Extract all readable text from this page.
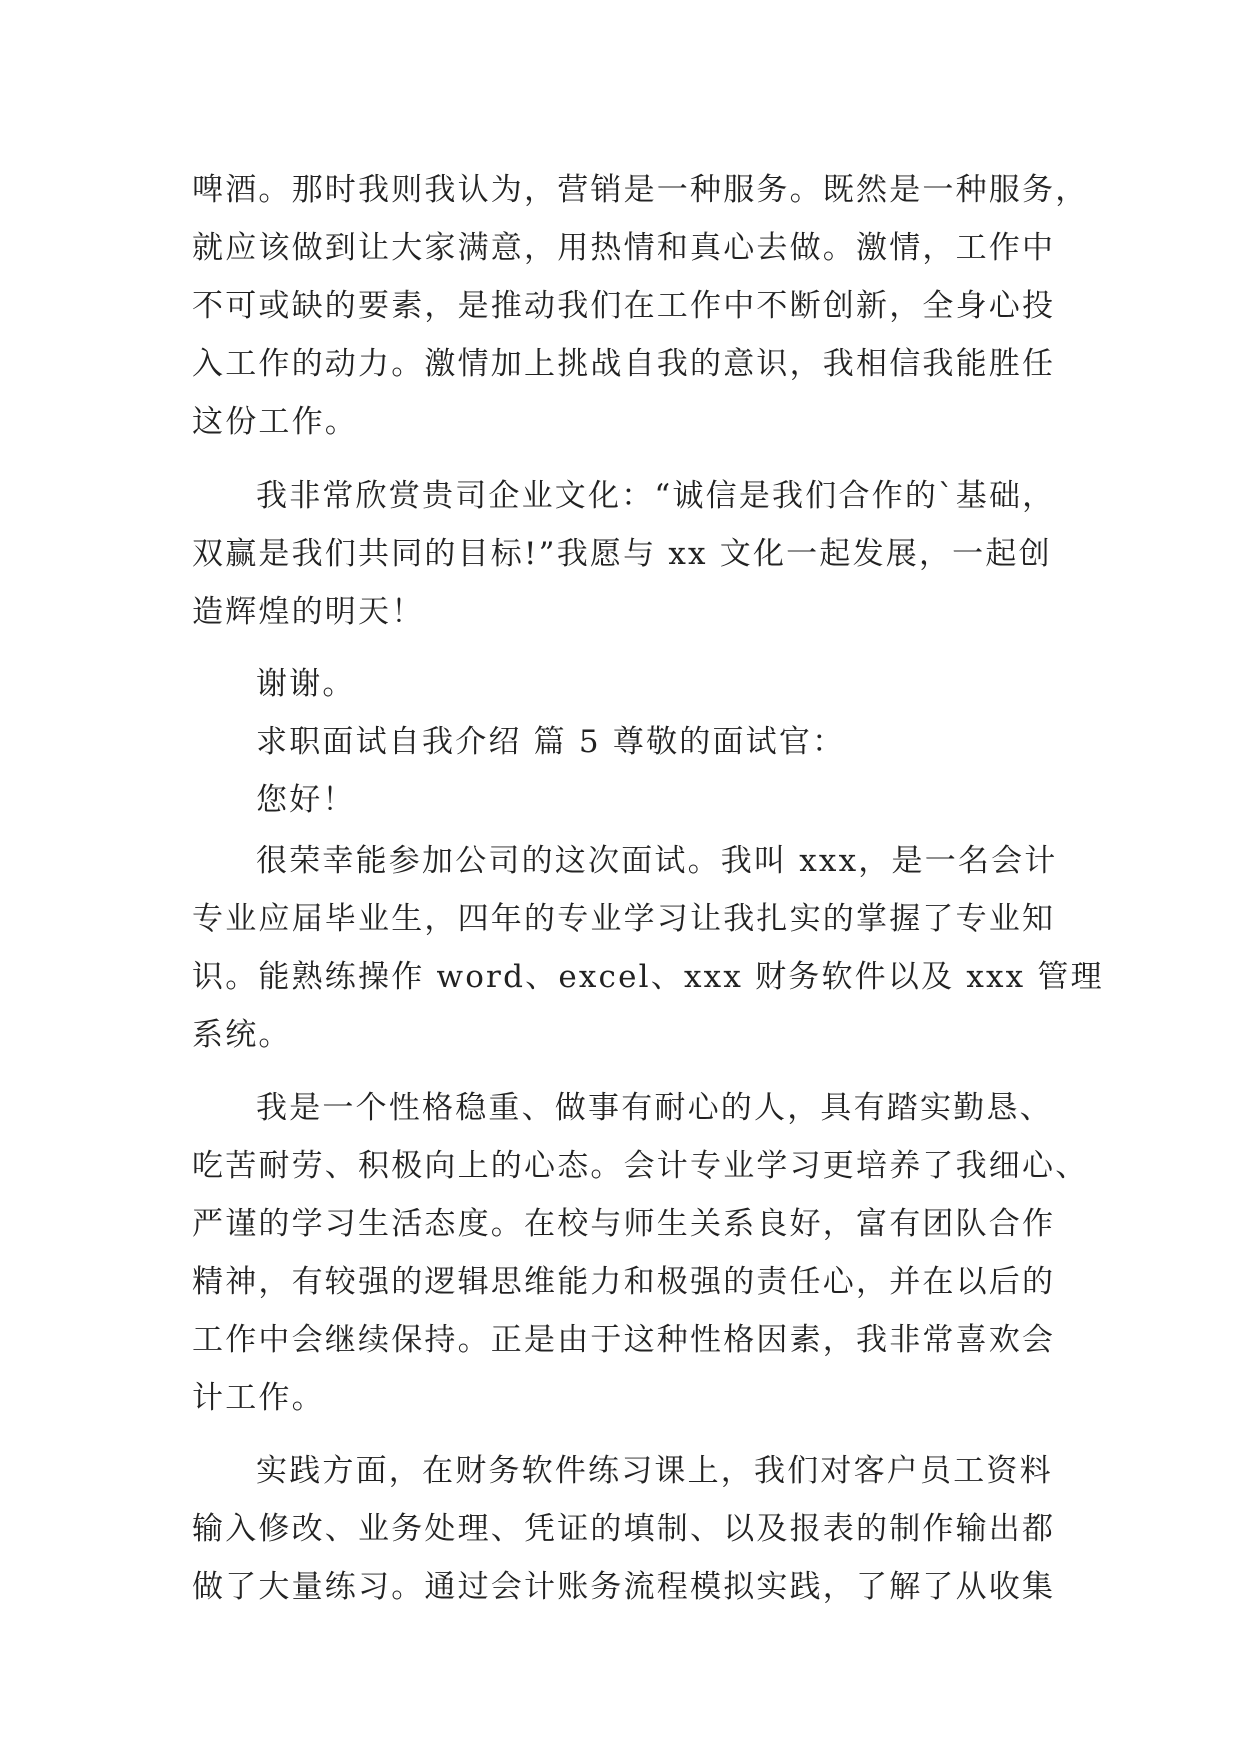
啤酒。那时我则我认为，营销是一种服务。既然是一种服务，
就应该做到让大家满意，用热情和真心去做。激情，工作中
不可或缺的要素，是推动我们在工作中不断创新，全身心投
入工作的动力。激情加上挑战自我的意识，我相信我能胜任
这份工作。
我非常欣赏贵司企业文化：“诚信是我们合作的`基础，
双赢是我们共同的目标!”我愿与 xx 文化一起发展，一起创
造辉煌的明天！
谢谢。
求职面试自我介绍 篇 5 尊敬的面试官：
您好！
很荣幸能参加公司的这次面试。我叫 xxx，是一名会计
专业应届毕业生，四年的专业学习让我扎实的掌握了专业知
识。能熟练操作 word、excel、xxx 财务软件以及 xxx 管理
系统。
我是一个性格稳重、做事有耐心的人，具有踏实勤恳、
吃苦耐劳、积极向上的心态。会计专业学习更培养了我细心、
严谨的学习生活态度。在校与师生关系良好，富有团队合作
精神，有较强的逻辑思维能力和极强的责任心，并在以后的
工作中会继续保持。正是由于这种性格因素，我非常喜欢会
计工作。
实践方面，在财务软件练习课上，我们对客户员工资料
输入修改、业务处理、凭证的填制、以及报表的制作输出都
做了大量练习。通过会计账务流程模拟实践，了解了从收集
